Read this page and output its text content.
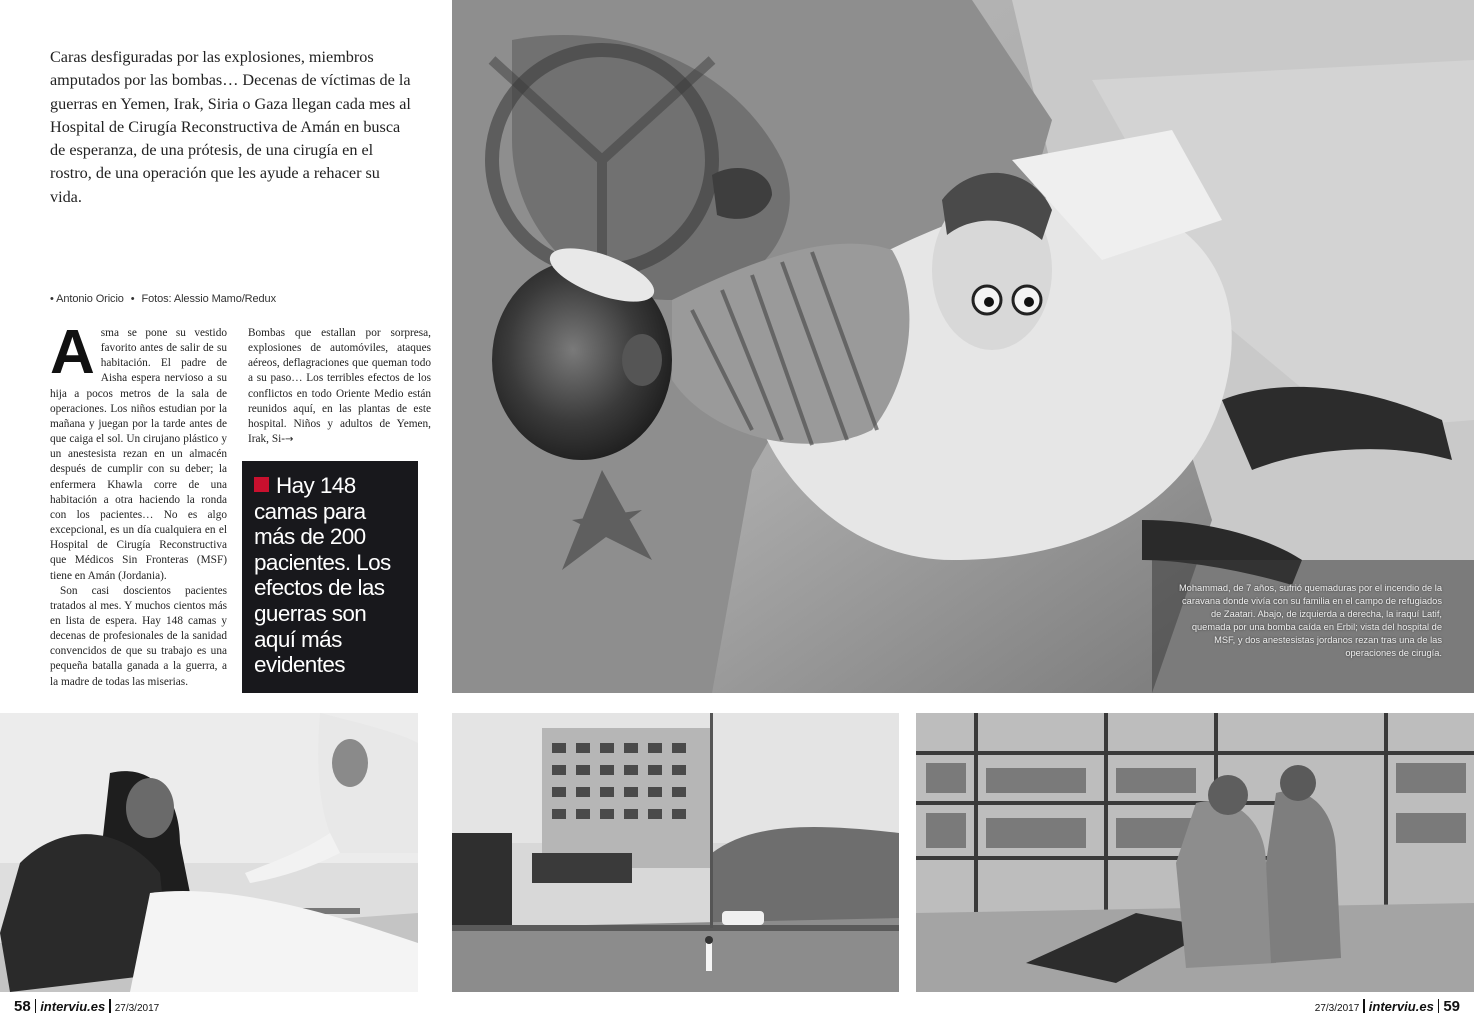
Caras desfiguradas por las explosiones, miembros amputados por las bombas… Decenas de víctimas de la guerras en Yemen, Irak, Siria o Gaza llegan cada mes al Hospital de Cirugía Reconstructiva de Amán en busca de esperanza, de una prótesis, de una cirugía en el rostro, de una operación que les ayude a rehacer su vida.
• Antonio Oricio • Fotos: Alessio Mamo/Redux

Asma se pone su vestido favorito antes de salir de su habitación. El padre de Aisha espera nervioso a su hija a pocos metros de la sala de operaciones. Los niños estudian por la mañana y juegan por la tarde antes de que caiga el sol. Un cirujano plástico y un anestesista rezan en un almacén después de cumplir con su deber; la enfermera Khawla corre de una habitación a otra haciendo la ronda con los pacientes… No es algo excepcional, es un día cualquiera en el Hospital de Cirugía Reconstructiva que Médicos Sin Fronteras (MSF) tiene en Amán (Jordania).

Son casi doscientos pacientes tratados al mes. Y muchos cientos más en lista de espera. Hay 148 camas y decenas de profesionales de la sanidad convencidos de que su trabajo es una pequeña batalla ganada a la guerra, a la madre de todas las miserias.

Bombas que estallan por sorpresa, explosiones de automóviles, ataques aéreos, deflagraciones que queman todo a su paso… Los terribles efectos de los conflictos en todo Oriente Medio están reunidos aquí, en las plantas de este hospital. Niños y adultos de Yemen, Irak, Si-→

Hay 148 camas para más de 200 pacientes. Los efectos de las guerras son aquí más evidentes
Mohammad, de 7 años, sufrió quemaduras por el incendio de la caravana donde vivía con su familia en el campo de refugiados de Zaatari. Abajo, de izquierda a derecha, la iraquí Latif, quemada por una bomba caída en Erbil; vista del hospital de MSF, y dos anestesistas jordanos rezan tras una de las operaciones de cirugía.
58 interviu.es 27/3/2017	27/3/2017 interviu.es 59
